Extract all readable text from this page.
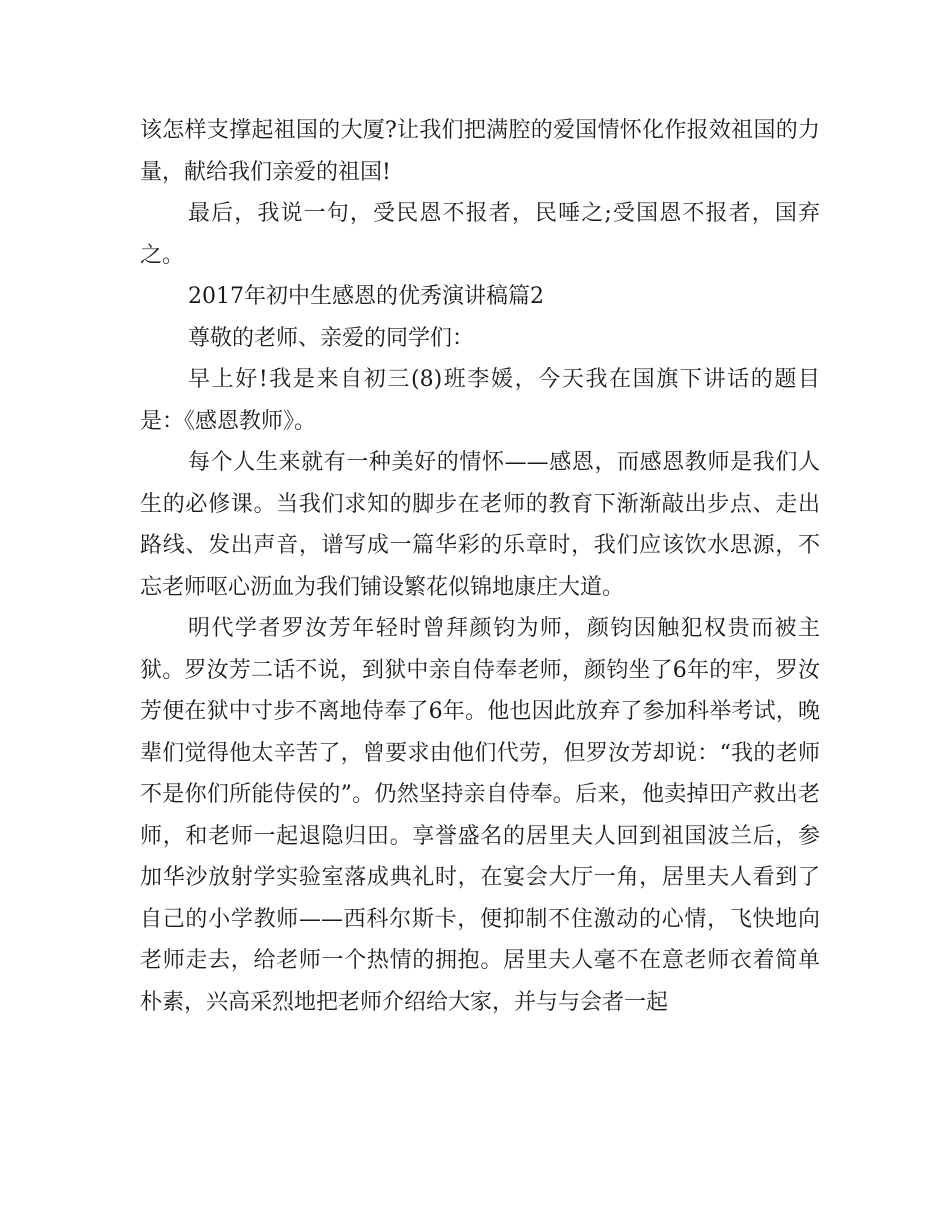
该怎样支撑起祖国的大厦?让我们把满腔的爱国情怀化作报效祖国的力量，献给我们亲爱的祖国!

最后，我说一句，受民恩不报者，民唾之;受国恩不报者，国弃之。

2017年初中生感恩的优秀演讲稿篇2

尊敬的老师、亲爱的同学们：

早上好!我是来自初三(8)班李媛，今天我在国旗下讲话的题目是：《感恩教师》。

每个人生来就有一种美好的情怀——感恩，而感恩教师是我们人生的必修课。当我们求知的脚步在老师的教育下渐渐敲出步点、走出路线、发出声音，谱写成一篇华彩的乐章时，我们应该饮水思源，不忘老师呕心沥血为我们铺设繁花似锦地康庄大道。

明代学者罗汝芳年轻时曾拜颜钧为师，颜钧因触犯权贵而被主狱。罗汝芳二话不说，到狱中亲自侍奉老师，颜钧坐了6年的牢，罗汝芳便在狱中寸步不离地侍奉了6年。他也因此放弃了参加科举考试，晚辈们觉得他太辛苦了，曾要求由他们代劳，但罗汝芳却说：“我的老师不是你们所能侍侯的”。仍然坚持亲自侍奉。后来，他卖掉田产救出老师，和老师一起退隐归田。享誉盛名的居里夫人回到祖国波兰后，参加华沙放射学实验室落成典礼时，在宴会大厅一角，居里夫人看到了自己的小学教师——西科尔斯卡，便抑制不住激动的心情，飞快地向老师走去，给老师一个热情的拥抱。居里夫人毫不在意老师衣着简单朴素，兴高采烈地把老师介绍给大家，并与与会者一起
